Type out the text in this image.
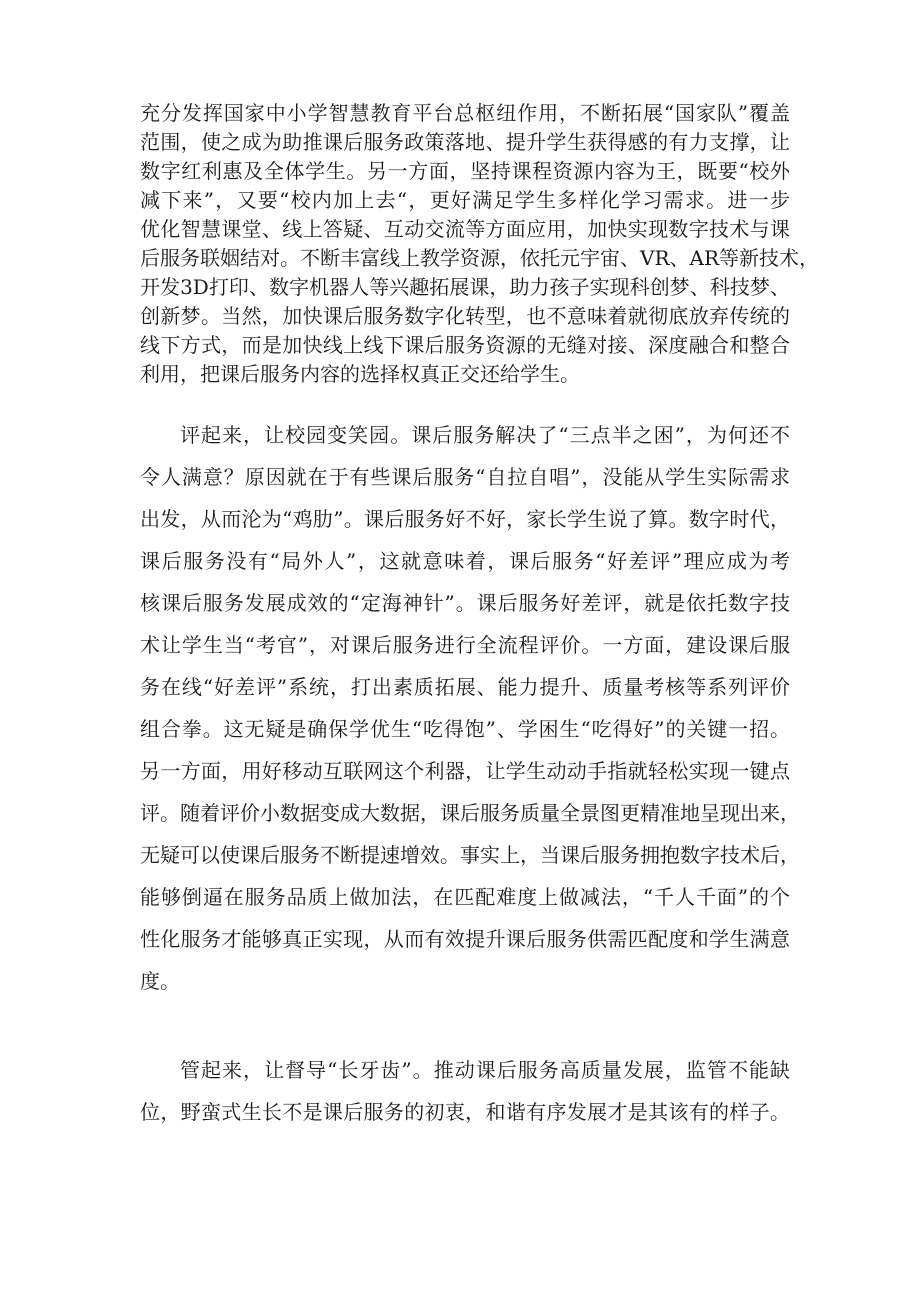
充分发挥国家中小学智慧教育平台总枢纽作用，不断拓展“国家队”覆盖

范围，使之成为助推课后服务政策落地、提升学生获得感的有力支撑，让

数字红利惠及全体学生。另一方面，坚持课程资源内容为王，既要“校外

减下来”，又要“校内加上去“，更好满足学生多样化学习需求。进一步

优化智慧课堂、线上答疑、互动交流等方面应用，加快实现数字技术与课

后服务联姻结对。不断丰富线上教学资源，依托元宇宙、VR、AR等新技术，

开发3D打印、数字机器人等兴趣拓展课，助力孩子实现科创梦、科技梦、

创新梦。当然，加快课后服务数字化转型，也不意味着就彻底放弃传统的

线下方式，而是加快线上线下课后服务资源的无缝对接、深度融合和整合

利用，把课后服务内容的选择权真正交还给学生。

评起来，让校园变笑园。课后服务解决了“三点半之困”，为何还不

令人满意？原因就在于有些课后服务“自拉自唱”，没能从学生实际需求

出发，从而沦为“鸡肋”。课后服务好不好，家长学生说了算。数字时代，

课后服务没有“局外人”，这就意味着，课后服务“好差评”理应成为考

核课后服务发展成效的“定海神针”。课后服务好差评，就是依托数字技

术让学生当“考官”，对课后服务进行全流程评价。一方面，建设课后服

务在线“好差评”系统，打出素质拓展、能力提升、质量考核等系列评价

组合拳。这无疑是确保学优生“吃得饱”、学困生“吃得好”的关键一招。

另一方面，用好移动互联网这个利器，让学生动动手指就轻松实现一键点

评。随着评价小数据变成大数据，课后服务质量全景图更精准地呈现出来，

无疑可以使课后服务不断提速增效。事实上，当课后服务拥抱数字技术后，

能够倒逼在服务品质上做加法，在匹配难度上做减法，“千人千面”的个

性化服务才能够真正实现，从而有效提升课后服务供需匹配度和学生满意

度。

管起来，让督导“长牙齿”。推动课后服务高质量发展，监管不能缺

位，野蛮式生长不是课后服务的初衷，和谐有序发展才是其该有的样子。
